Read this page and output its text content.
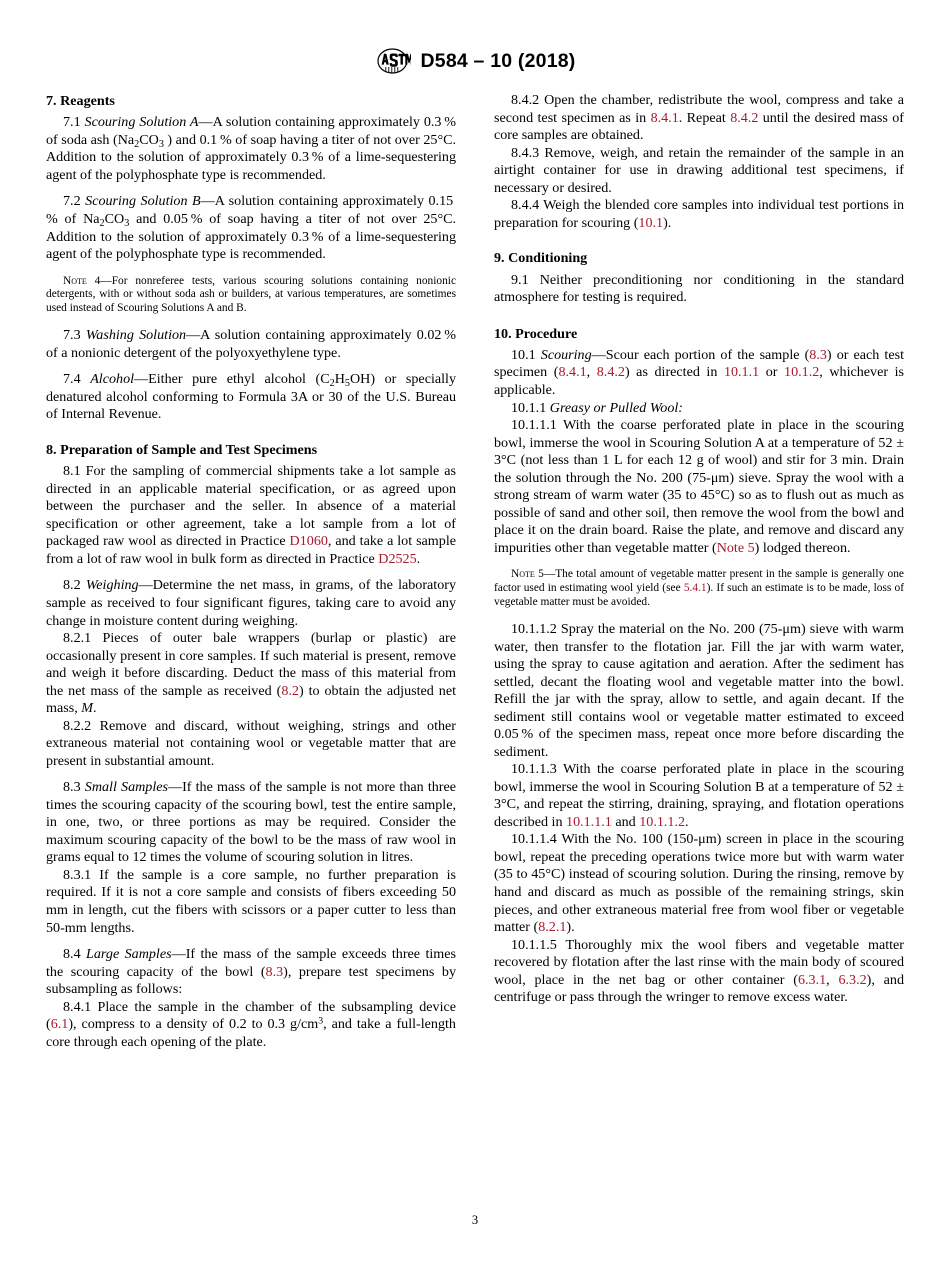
D584 – 10 (2018)
7. Reagents

7.1 Scouring Solution A—A solution containing approximately 0.3 % of soda ash ($Na_2CO_3$ ) and 0.1 % of soap having a titer of not over 25°C. Addition to the solution of approximately 0.3 % of a lime-sequestering agent of the polyphosphate type is recommended.

7.2 Scouring Solution B—A solution containing approximately 0.15 % of $Na_2CO_3$ and 0.05 % of soap having a titer of not over 25°C. Addition to the solution of approximately 0.3 % of a lime-sequestering agent of the polyphosphate type is recommended.

Note 4—For nonreferee tests, various scouring solutions containing nonionic detergents, with or without soda ash or builders, at various temperatures, are sometimes used instead of Scouring Solutions A and B.

7.3 Washing Solution—A solution containing approximately 0.02 % of a nonionic detergent of the polyoxyethylene type.

7.4 Alcohol—Either pure ethyl alcohol $(C_2H_5OH)$ or specially denatured alcohol conforming to Formula 3A or 30 of the U.S. Bureau of Internal Revenue.

8. Preparation of Sample and Test Specimens

8.1 For the sampling of commercial shipments take a lot sample as directed in an applicable material specification, or as agreed upon between the purchaser and the seller. In absence of a material specification or other agreement, take a lot sample from a lot of packaged raw wool as directed in Practice D1060, and take a lot sample from a lot of raw wool in bulk form as directed in Practice D2525.

8.2 Weighing—Determine the net mass, in grams, of the laboratory sample as received to four significant figures, taking care to avoid any change in moisture content during weighing.

8.2.1 Pieces of outer bale wrappers (burlap or plastic) are occasionally present in core samples. If such material is present, remove and weigh it before discarding. Deduct the mass of this material from the net mass of the sample as received (8.2) to obtain the adjusted net mass, M.

8.2.2 Remove and discard, without weighing, strings and other extraneous material not containing wool or vegetable matter that are present in substantial amount.

8.3 Small Samples—If the mass of the sample is not more than three times the scouring capacity of the scouring bowl, test the entire sample, in one, two, or three portions as may be required. Consider the maximum scouring capacity of the bowl to be the mass of raw wool in grams equal to 12 times the volume of scouring solution in litres.

8.3.1 If the sample is a core sample, no further preparation is required. If it is not a core sample and consists of fibers exceeding 50 mm in length, cut the fibers with scissors or a paper cutter to less than 50-mm lengths.

8.4 Large Samples—If the mass of the sample exceeds three times the scouring capacity of the bowl (8.3), prepare test specimens by subsampling as follows:

8.4.1 Place the sample in the chamber of the subsampling device (6.1), compress to a density of 0.2 to 0.3 $g/cm^3$, and take a full-length core through each opening of the plate.

8.4.2 Open the chamber, redistribute the wool, compress and take a second test specimen as in 8.4.1. Repeat 8.4.2 until the desired mass of core samples are obtained.

8.4.3 Remove, weigh, and retain the remainder of the sample in an airtight container for use in drawing additional test specimens, if necessary or desired.

8.4.4 Weigh the blended core samples into individual test portions in preparation for scouring (10.1).

9. Conditioning

9.1 Neither preconditioning nor conditioning in the standard atmosphere for testing is required.

10. Procedure

10.1 Scouring—Scour each portion of the sample (8.3) or each test specimen (8.4.1, 8.4.2) as directed in 10.1.1 or 10.1.2, whichever is applicable.

10.1.1 Greasy or Pulled Wool:

10.1.1.1 With the coarse perforated plate in place in the scouring bowl, immerse the wool in Scouring Solution A at a temperature of 52 ± 3°C (not less than 1 L for each 12 g of wool) and stir for 3 min. Drain the solution through the No. 200 (75-μm) sieve. Spray the wool with a strong stream of warm water (35 to 45°C) so as to flush out as much as possible of sand and other soil, then remove the wool from the bowl and place it on the drain board. Raise the plate, and remove and discard any impurities other than vegetable matter (Note 5) lodged thereon.

Note 5—The total amount of vegetable matter present in the sample is generally one factor used in estimating wool yield (see 5.4.1). If such an estimate is to be made, loss of vegetable matter must be avoided.

10.1.1.2 Spray the material on the No. 200 (75-μm) sieve with warm water, then transfer to the flotation jar. Fill the jar with warm water, using the spray to cause agitation and aeration. After the sediment has settled, decant the floating wool and vegetable matter into the bowl. Refill the jar with the spray, allow to settle, and again decant. If the sediment still contains wool or vegetable matter estimated to exceed 0.05 % of the specimen mass, repeat once more before discarding the sediment.

10.1.1.3 With the coarse perforated plate in place in the scouring bowl, immerse the wool in Scouring Solution B at a temperature of 52 ± 3°C, and repeat the stirring, draining, spraying, and flotation operations described in 10.1.1.1 and 10.1.1.2.

10.1.1.4 With the No. 100 (150-μm) screen in place in the scouring bowl, repeat the preceding operations twice more but with warm water (35 to 45°C) instead of scouring solution. During the rinsing, remove by hand and discard as much as possible of the remaining strings, skin pieces, and other extraneous material free from wool fiber or vegetable matter (8.2.1).

10.1.1.5 Thoroughly mix the wool fibers and vegetable matter recovered by flotation after the last rinse with the main body of scoured wool, place in the net bag or other container (6.3.1, 6.3.2), and centrifuge or pass through the wringer to remove excess water.

3
